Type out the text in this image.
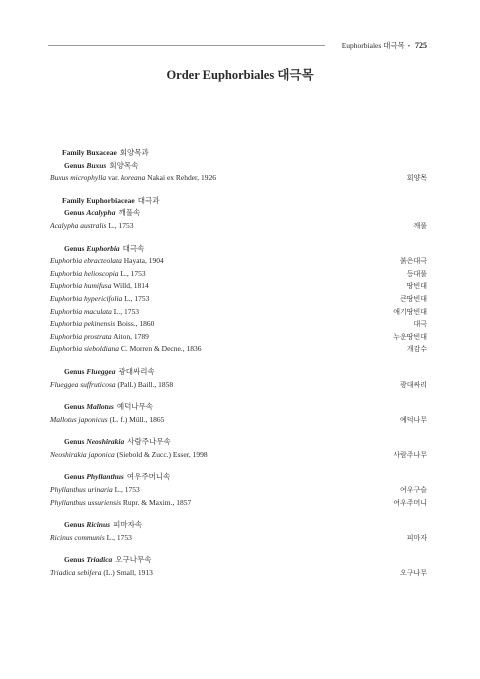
Euphorbiales 대극목 • 725
Order Euphorbiales 대극목
Family Buxaceae 회양목과
Genus Buxus 회양목속
Buxus microphylla var. koreana Nakai ex Rehder, 1926	회양목
Family Euphorbiaceae 대극과
Genus Acalypha 깨풀속
Acalypha australis L., 1753	깨풀
Genus Euphorbia 대극속
Euphorbia ebracteolata Hayata, 1904	붉은대극
Euphorbia helioscopia L., 1753	등대풀
Euphorbia humifusa Willd, 1814	땅빈대
Euphorbia hypericifolia L., 1753	큰땅빈대
Euphorbia maculata L., 1753	애기땅빈대
Euphorbia pekinensis Boiss., 1860	대극
Euphorbia prostrata Aiton, 1789	누운땅빈대
Euphorbia sieboldiana C. Morren & Decne., 1836	개감수
Genus Flueggea 광대싸리속
Flueggea suffruticosa (Pall.) Baill., 1858	광대싸리
Genus Mallotus 예덕나무속
Mallotus japonicus (L. f.) Müll., 1865	예덕나무
Genus Neoshirakia 사람주나무속
Neoshirakia japonica (Siebold & Zucc.) Esser, 1998	사람주나무
Genus Phyllanthus 여우주머니속
Phyllanthus urinaria L., 1753	여우구슬
Phyllanthus ussuriensis Rupr. & Maxim., 1857	여우주머니
Genus Ricinus 피마자속
Ricinus communis L., 1753	피마자
Genus Triadica 오구나무속
Triadica sebifera (L.) Small, 1913	오구나무
